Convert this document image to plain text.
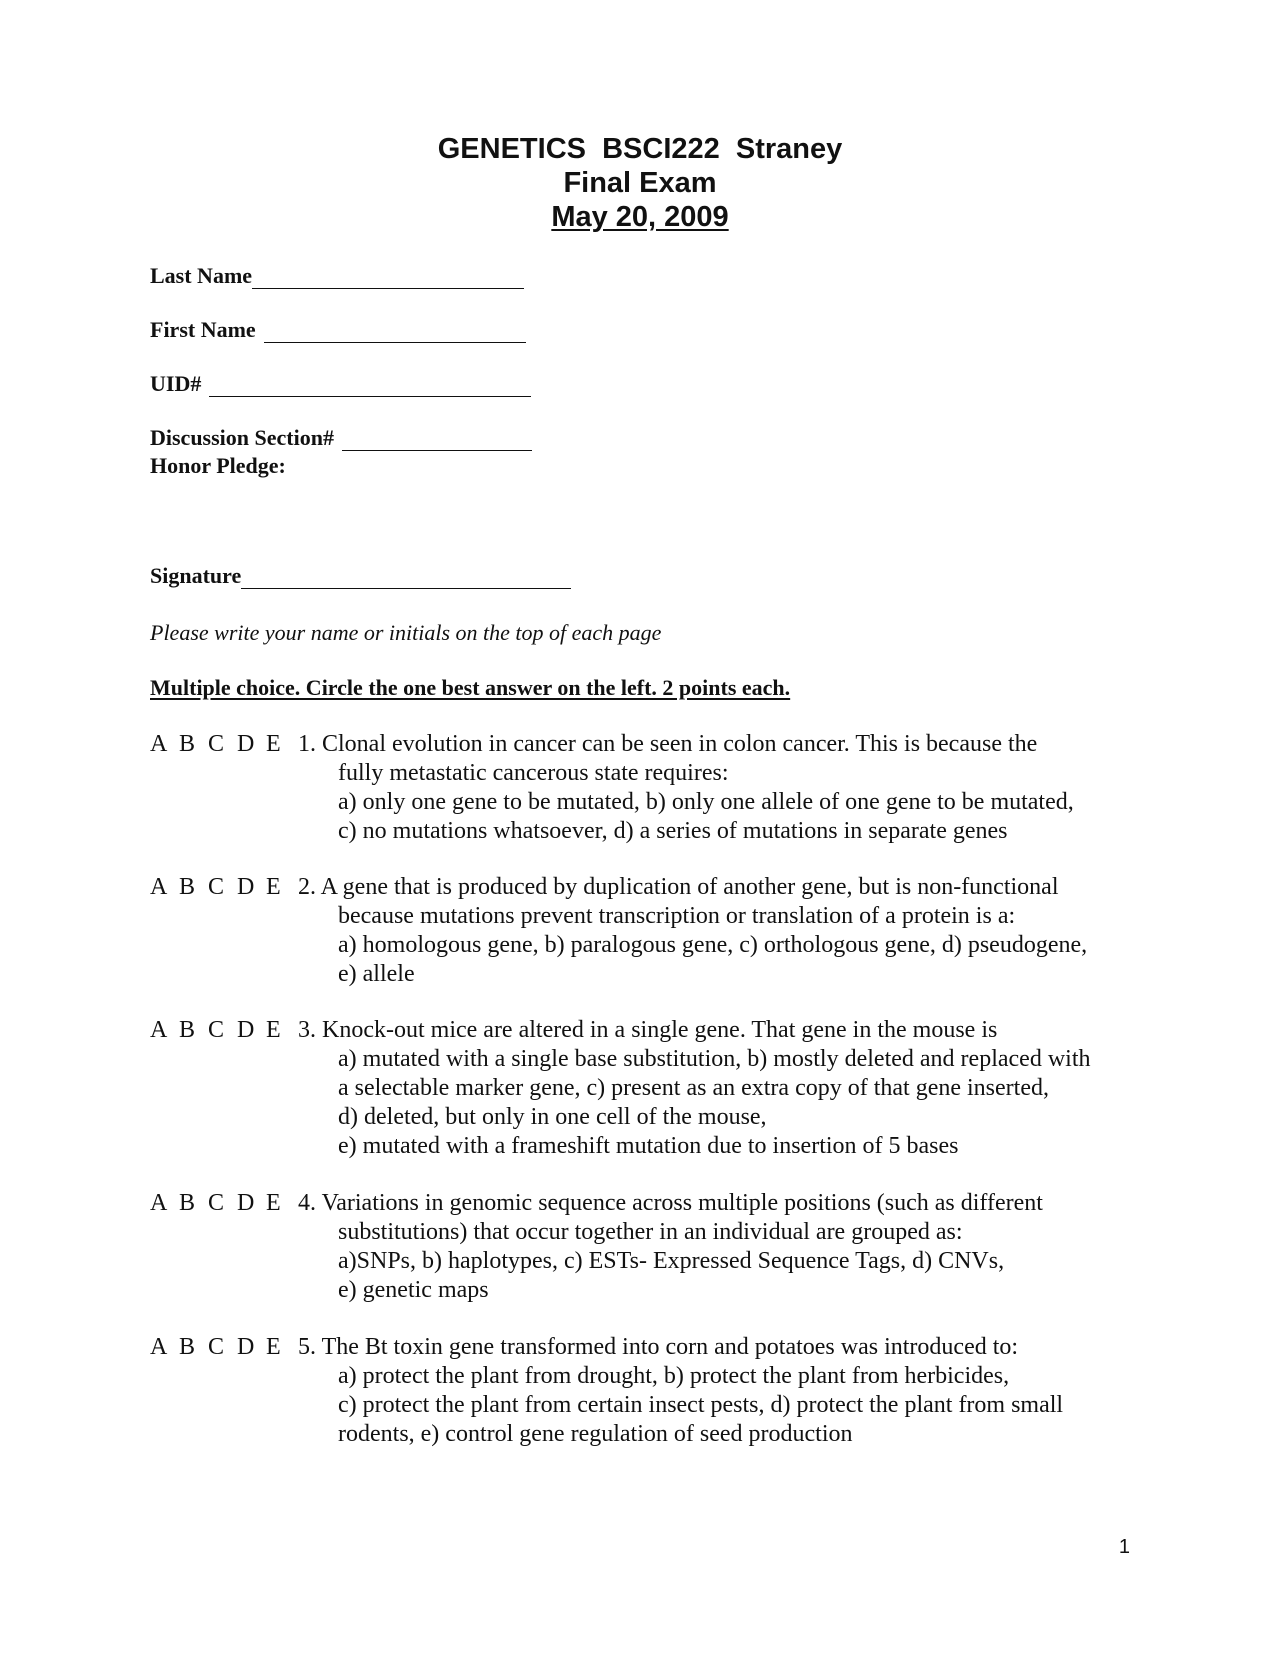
GENETICS  BSCI222  Straney
Final Exam
May 20, 2009
Last Name
First Name
UID#
Discussion Section#
Honor Pledge:
Signature
Please write your name or initials on the top of each page
Multiple choice. Circle the one best answer on the left. 2 points each.
A B C D E 1. Clonal evolution in cancer can be seen in colon cancer. This is because the
fully metastatic cancerous state requires:
a) only one gene to be mutated, b) only one allele of one gene to be mutated,
c) no mutations whatsoever, d) a series of mutations in separate genes
A B C D E 2. A gene that is produced by duplication of another gene, but is non-functional
because mutations prevent transcription or translation of a protein is a:
a) homologous gene, b) paralogous gene, c) orthologous gene, d) pseudogene,
e) allele
A B C D E 3. Knock-out mice are altered in a single gene. That gene in the mouse is
a) mutated with a single base substitution, b) mostly deleted and replaced with
a selectable marker gene, c) present as an extra copy of that gene inserted,
d) deleted, but only in one cell of the mouse,
e) mutated with a frameshift mutation due to insertion of 5 bases
A B C D E 4. Variations in genomic sequence across multiple positions (such as different
substitutions) that occur together in an individual are grouped as:
a)SNPs, b) haplotypes, c) ESTs- Expressed Sequence Tags, d) CNVs,
e) genetic maps
A B C D E 5. The Bt toxin gene transformed into corn and potatoes was introduced to:
a) protect the plant from drought, b) protect the plant from herbicides,
c) protect the plant from certain insect pests, d) protect the plant from small
rodents, e) control gene regulation of seed production
1
